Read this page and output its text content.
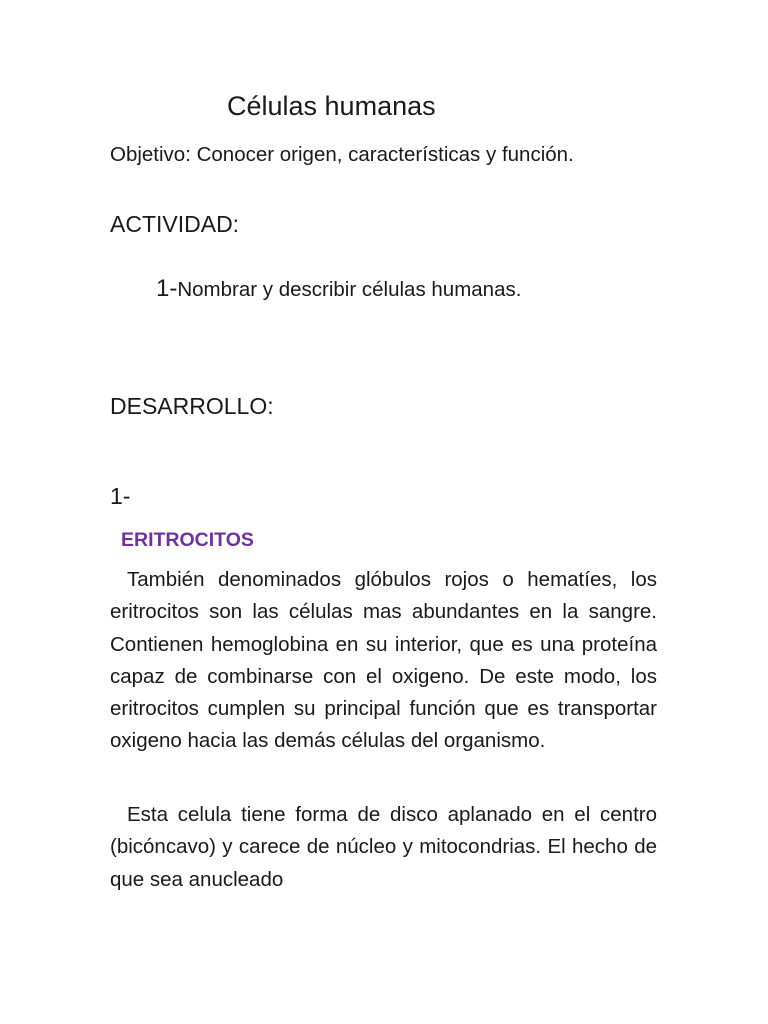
Células humanas

Objetivo: Conocer origen, características y función.

ACTIVIDAD:

1-Nombrar y describir células humanas.

DESARROLLO:

1-

ERITROCITOS

También denominados glóbulos rojos o hematíes, los eritrocitos son las células mas abundantes en la sangre. Contienen hemoglobina en su interior, que es una proteína capaz de combinarse con el oxigeno. De este modo, los eritrocitos cumplen su principal función que es transportar oxigeno hacia las demás células del organismo.

Esta celula tiene forma de disco aplanado en el centro (bicóncavo) y carece de núcleo y mitocondrias. El hecho de que sea anucleado
